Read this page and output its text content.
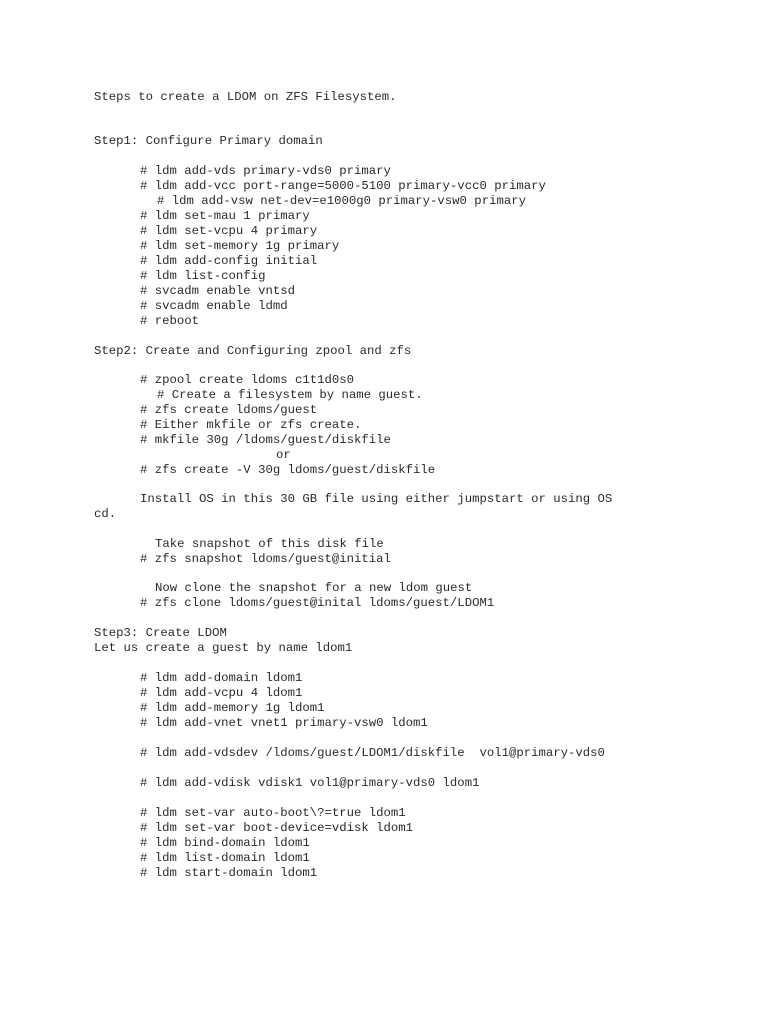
Steps to create a LDOM on ZFS Filesystem.

Step1: Configure Primary domain

# ldm add-vds primary-vds0 primary

# ldm add-vcc port-range=5000-5100 primary-vcc0 primary

# ldm add-vsw net-dev=e1000g0 primary-vsw0 primary

# ldm set-mau 1 primary

# ldm set-vcpu 4 primary

# ldm set-memory 1g primary

# ldm add-config initial

# ldm list-config

# svcadm enable vntsd

# svcadm enable ldmd

# reboot

Step2: Create and Configuring zpool and zfs

# zpool create ldoms c1t1d0s0

# Create a filesystem by name guest.

# zfs create ldoms/guest

# Either mkfile or zfs create.

# mkfile 30g /ldoms/guest/diskfile

or

# zfs create -V 30g ldoms/guest/diskfile

Install OS in this 30 GB file using either jumpstart or using OS

cd.

Take snapshot of this disk file

# zfs snapshot ldoms/guest@initial

Now clone the snapshot for a new ldom guest

# zfs clone ldoms/guest@inital ldoms/guest/LDOM1

Step3: Create LDOM

Let us create a guest by name ldom1

# ldm add-domain ldom1

# ldm add-vcpu 4 ldom1

# ldm add-memory 1g ldom1

# ldm add-vnet vnet1 primary-vsw0 ldom1

# ldm add-vdsdev /ldoms/guest/LDOM1/diskfile  vol1@primary-vds0

# ldm add-vdisk vdisk1 vol1@primary-vds0 ldom1

# ldm set-var auto-boot\?=true ldom1

# ldm set-var boot-device=vdisk ldom1

# ldm bind-domain ldom1

# ldm list-domain ldom1

# ldm start-domain ldom1
